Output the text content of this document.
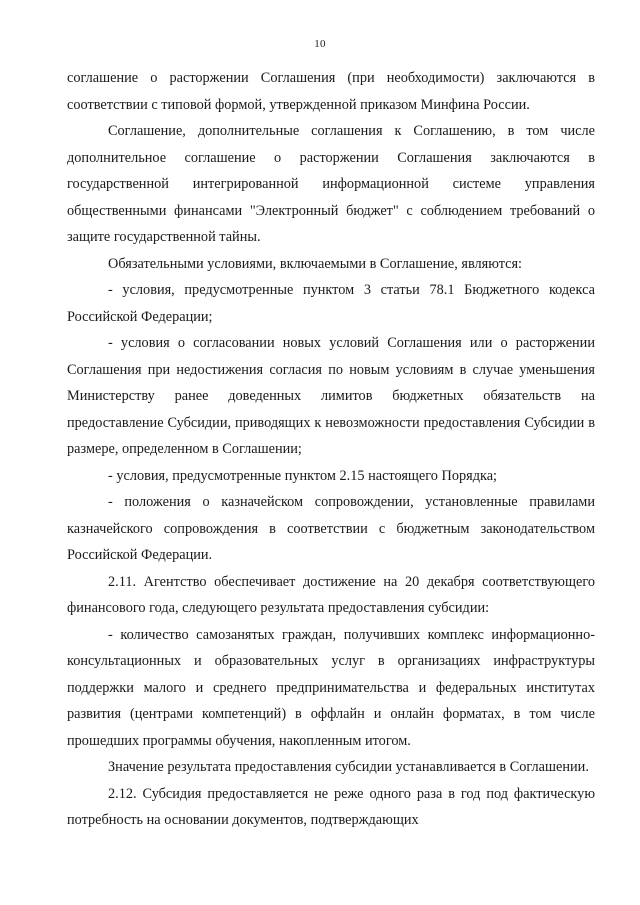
10

соглашение о расторжении Соглашения (при необходимости) заключаются в соответствии с типовой формой, утвержденной приказом Минфина России.

Соглашение, дополнительные соглашения к Соглашению, в том числе дополнительное соглашение о расторжении Соглашения заключаются в государственной интегрированной информационной системе управления общественными финансами "Электронный бюджет" с соблюдением требований о защите государственной тайны.

Обязательными условиями, включаемыми в Соглашение, являются:

- условия, предусмотренные пунктом 3 статьи 78.1 Бюджетного кодекса Российской Федерации;

- условия о согласовании новых условий Соглашения или о расторжении Соглашения при недостижения согласия по новым условиям в случае уменьшения Министерству ранее доведенных лимитов бюджетных обязательств на предоставление Субсидии, приводящих к невозможности предоставления Субсидии в размере, определенном в Соглашении;

- условия, предусмотренные пунктом 2.15 настоящего Порядка;

- положения о казначейском сопровождении, установленные правилами казначейского сопровождения в соответствии с бюджетным законодательством Российской Федерации.

2.11. Агентство обеспечивает достижение на 20 декабря соответствующего финансового года, следующего результата предоставления субсидии:

- количество самозанятых граждан, получивших комплекс информационно-консультационных и образовательных услуг в организациях инфраструктуры поддержки малого и среднего предпринимательства и федеральных институтах развития (центрами компетенций) в оффлайн и онлайн форматах, в том числе прошедших программы обучения, накопленным итогом.

Значение результата предоставления субсидии устанавливается в Соглашении.

2.12. Субсидия предоставляется не реже одного раза в год под фактическую потребность на основании документов, подтверждающих
